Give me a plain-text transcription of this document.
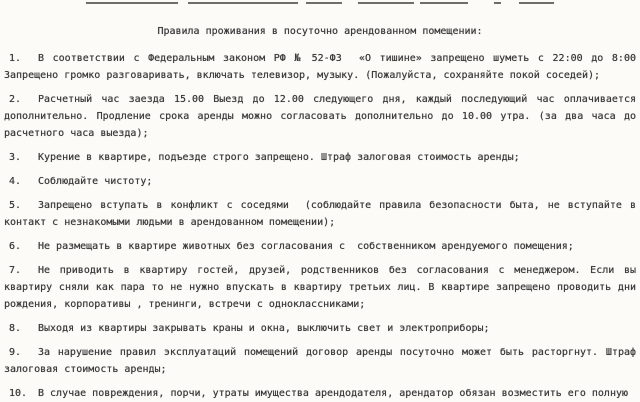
Правила проживания в посуточно арендованном помещении:

1. В соответствии с Федеральным законом РФ № 52-ФЗ  «О тишине» запрещено шуметь с 22:00 до 8:00 Запрещено громко разговаривать, включать телевизор, музыку. (Пожалуйста, сохраняйте покой соседей);

2. Расчетный час заезда 15.00 Выезд до 12.00 следующего дня, каждый последующий час оплачивается дополнительно. Продление срока аренды можно согласовать дополнительно до 10.00 утра. (за два часа до расчетного часа выезда);

3. Курение в квартире, подъезде строго запрещено. Штраф залоговая стоимость аренды;

4. Соблюдайте чистоту;

5. Запрещено вступать в конфликт с соседями  (соблюдайте правила безопасности быта, не вступайте в контакт с незнакомыми людьми в арендованном помещении);

6. Не размещать в квартире животных без согласования с  собственником арендуемого помещения;

7. Не приводить в квартиру гостей, друзей, родственников без согласования с менеджером. Если вы квартиру сняли как пара то не нужно впускать в квартиру третьих лиц. В квартире запрещено проводить дни рождения, корпоративы , тренинги, встречи с одноклассниками;

8. Выходя из квартиры закрывать краны и окна, выключить свет и электроприборы;

9. За нарушение правил эксплуатаций помещений договор аренды посуточно может быть расторгнут. Штраф залоговая стоимость аренды;

10. В случае повреждения, порчи, утраты имущества арендодателя, арендатор обязан возместить его полную
